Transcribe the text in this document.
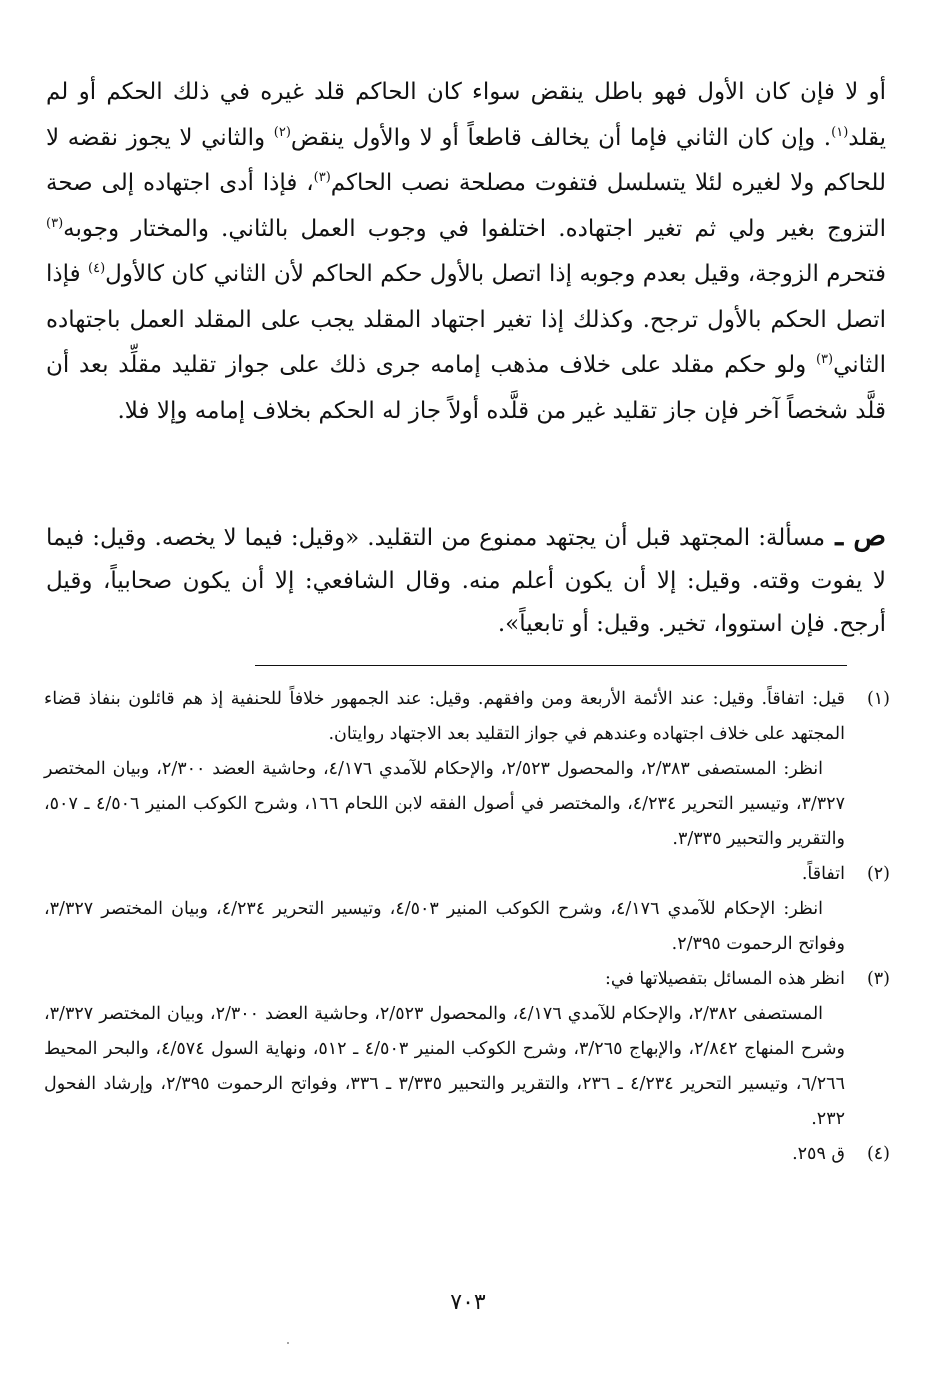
أو لا فإن كان الأول فهو باطل ينقض سواء كان الحاكم قلد غيره في ذلك الحكم أو لم يقلد$^{(١)}$. وإن كان الثاني فإما أن يخالف قاطعاً أو لا والأول ينقض$^{(٢)}$ والثاني لا يجوز نقضه لا للحاكم ولا لغيره لئلا يتسلسل فتفوت مصلحة نصب الحاكم$^{(٣)}$، فإذا أدى اجتهاده إلى صحة التزوج بغير ولي ثم تغير اجتهاده. اختلفوا في وجوب العمل بالثاني. والمختار وجوبه$^{(٣)}$ فتحرم الزوجة، وقيل بعدم وجوبه إذا اتصل بالأول حكم الحاكم لأن الثاني كان كالأول$^{(٤)}$ فإذا اتصل الحكم بالأول ترجح. وكذلك إذا تغير اجتهاد المقلد يجب على المقلد العمل باجتهاده الثاني$^{(٣)}$ ولو حكم مقلد على خلاف مذهب إمامه جرى ذلك على جواز تقليد مقلِّد بعد أن قلَّد شخصاً آخر فإن جاز تقليد غير من قلَّده أولاً جاز له الحكم بخلاف إمامه وإلا فلا.

ص ـ مسألة: المجتهد قبل أن يجتهد ممنوع من التقليد. «وقيل: فيما لا يخصه. وقيل: فيما لا يفوت وقته. وقيل: إلا أن يكون أعلم منه. وقال الشافعي: إلا أن يكون صحابياً، وقيل أرجح. فإن استووا، تخير. وقيل: أو تابعياً».
(١)
قيل: اتفاقاً. وقيل: عند الأئمة الأربعة ومن وافقهم. وقيل: عند الجمهور خلافاً للحنفية إذ هم قائلون بنفاذ قضاء المجتهد على خلاف اجتهاده وعندهم في جواز التقليد بعد الاجتهاد روايتان.
انظر: المستصفى ٢/٣٨٣، والمحصول ٢/٥٢٣، والإحكام للآمدي ٤/١٧٦، وحاشية العضد ٢/٣٠٠، وبيان المختصر ٣/٣٢٧، وتيسير التحرير ٤/٢٣٤، والمختصر في أصول الفقه لابن اللحام ١٦٦، وشرح الكوكب المنير ٤/٥٠٦ ـ ٥٠٧، والتقرير والتحبير ٣/٣٣٥.
(٢)
اتفاقاً.
انظر: الإحكام للآمدي ٤/١٧٦، وشرح الكوكب المنير ٤/٥٠٣، وتيسير التحرير ٤/٢٣٤، وبيان المختصر ٣/٣٢٧، وفواتح الرحموت ٢/٣٩٥.
(٣)
انظر هذه المسائل بتفصيلاتها في:
المستصفى ٢/٣٨٢، والإحكام للآمدي ٤/١٧٦، والمحصول ٢/٥٢٣، وحاشية العضد ٢/٣٠٠، وبيان المختصر ٣/٣٢٧، وشرح المنهاج ٢/٨٤٢، والإبهاج ٣/٢٦٥، وشرح الكوكب المنير ٤/٥٠٣ ـ ٥١٢، ونهاية السول ٤/٥٧٤، والبحر المحيط ٦/٢٦٦، وتيسير التحرير ٤/٢٣٤ ـ ٢٣٦، والتقرير والتحبير ٣/٣٣٥ ـ ٣٣٦، وفواتح الرحموت ٢/٣٩٥، وإرشاد الفحول ٢٣٢.
(٤)
ق ٢٥٩.
٧٠٣
